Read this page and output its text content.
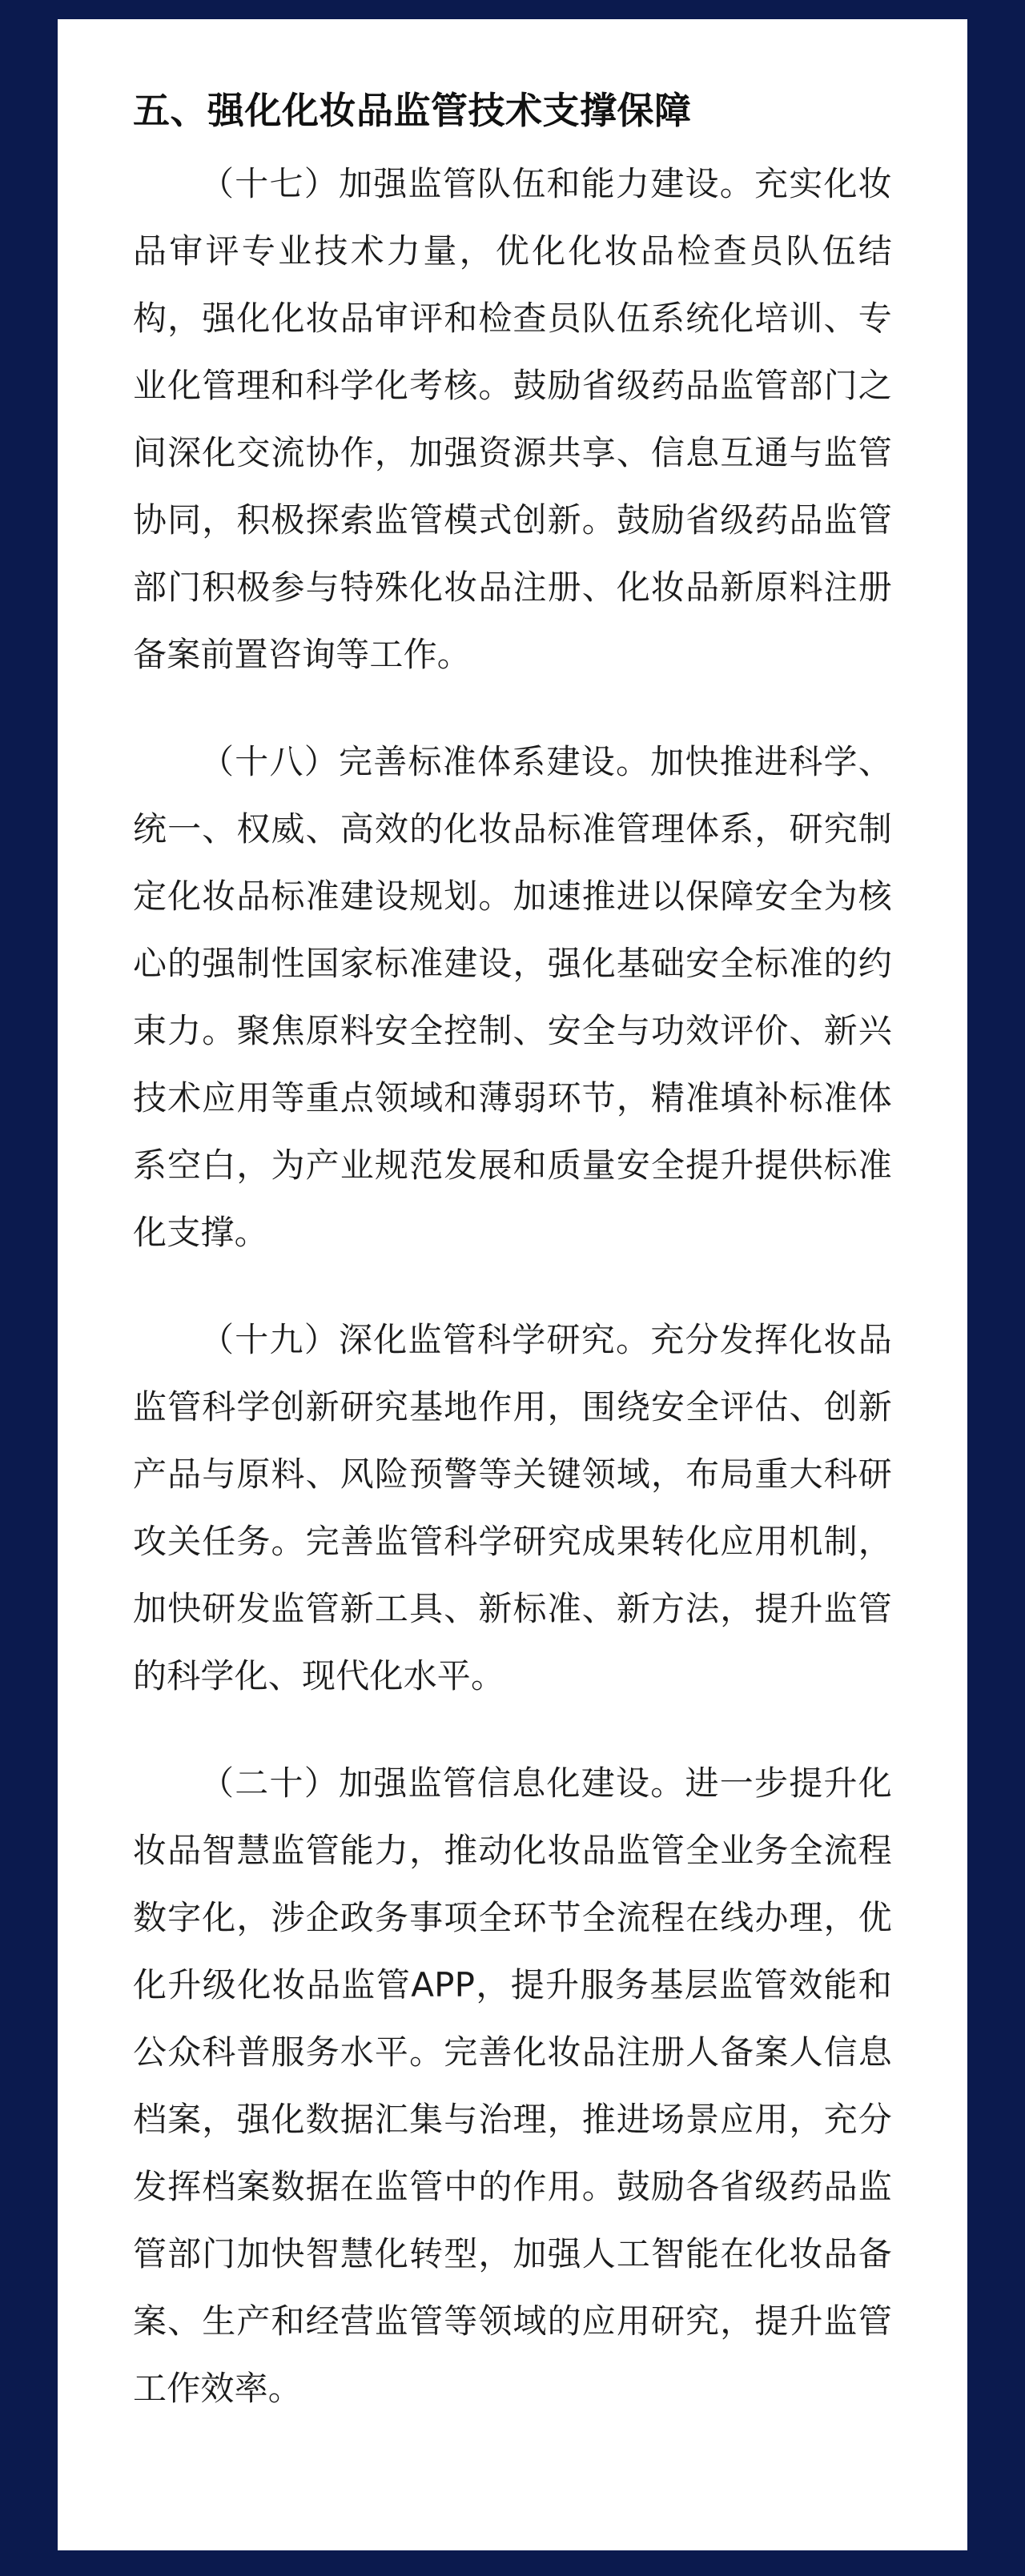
五、强化化妆品监管技术支撑保障

（十七）加强监管队伍和能力建设。充实化妆品审评专业技术力量，优化化妆品检查员队伍结构，强化化妆品审评和检查员队伍系统化培训、专业化管理和科学化考核。鼓励省级药品监管部门之间深化交流协作，加强资源共享、信息互通与监管协同，积极探索监管模式创新。鼓励省级药品监管部门积极参与特殊化妆品注册、化妆品新原料注册备案前置咨询等工作。

（十八）完善标准体系建设。加快推进科学、统一、权威、高效的化妆品标准管理体系，研究制定化妆品标准建设规划。加速推进以保障安全为核心的强制性国家标准建设，强化基础安全标准的约束力。聚焦原料安全控制、安全与功效评价、新兴技术应用等重点领域和薄弱环节，精准填补标准体系空白，为产业规范发展和质量安全提升提供标准化支撑。

（十九）深化监管科学研究。充分发挥化妆品监管科学创新研究基地作用，围绕安全评估、创新产品与原料、风险预警等关键领域，布局重大科研攻关任务。完善监管科学研究成果转化应用机制，加快研发监管新工具、新标准、新方法，提升监管的科学化、现代化水平。

（二十）加强监管信息化建设。进一步提升化妆品智慧监管能力，推动化妆品监管全业务全流程数字化，涉企政务事项全环节全流程在线办理，优化升级化妆品监管APP，提升服务基层监管效能和公众科普服务水平。完善化妆品注册人备案人信息档案，强化数据汇集与治理，推进场景应用，充分发挥档案数据在监管中的作用。鼓励各省级药品监管部门加快智慧化转型，加强人工智能在化妆品备案、生产和经营监管等领域的应用研究，提升监管工作效率。
